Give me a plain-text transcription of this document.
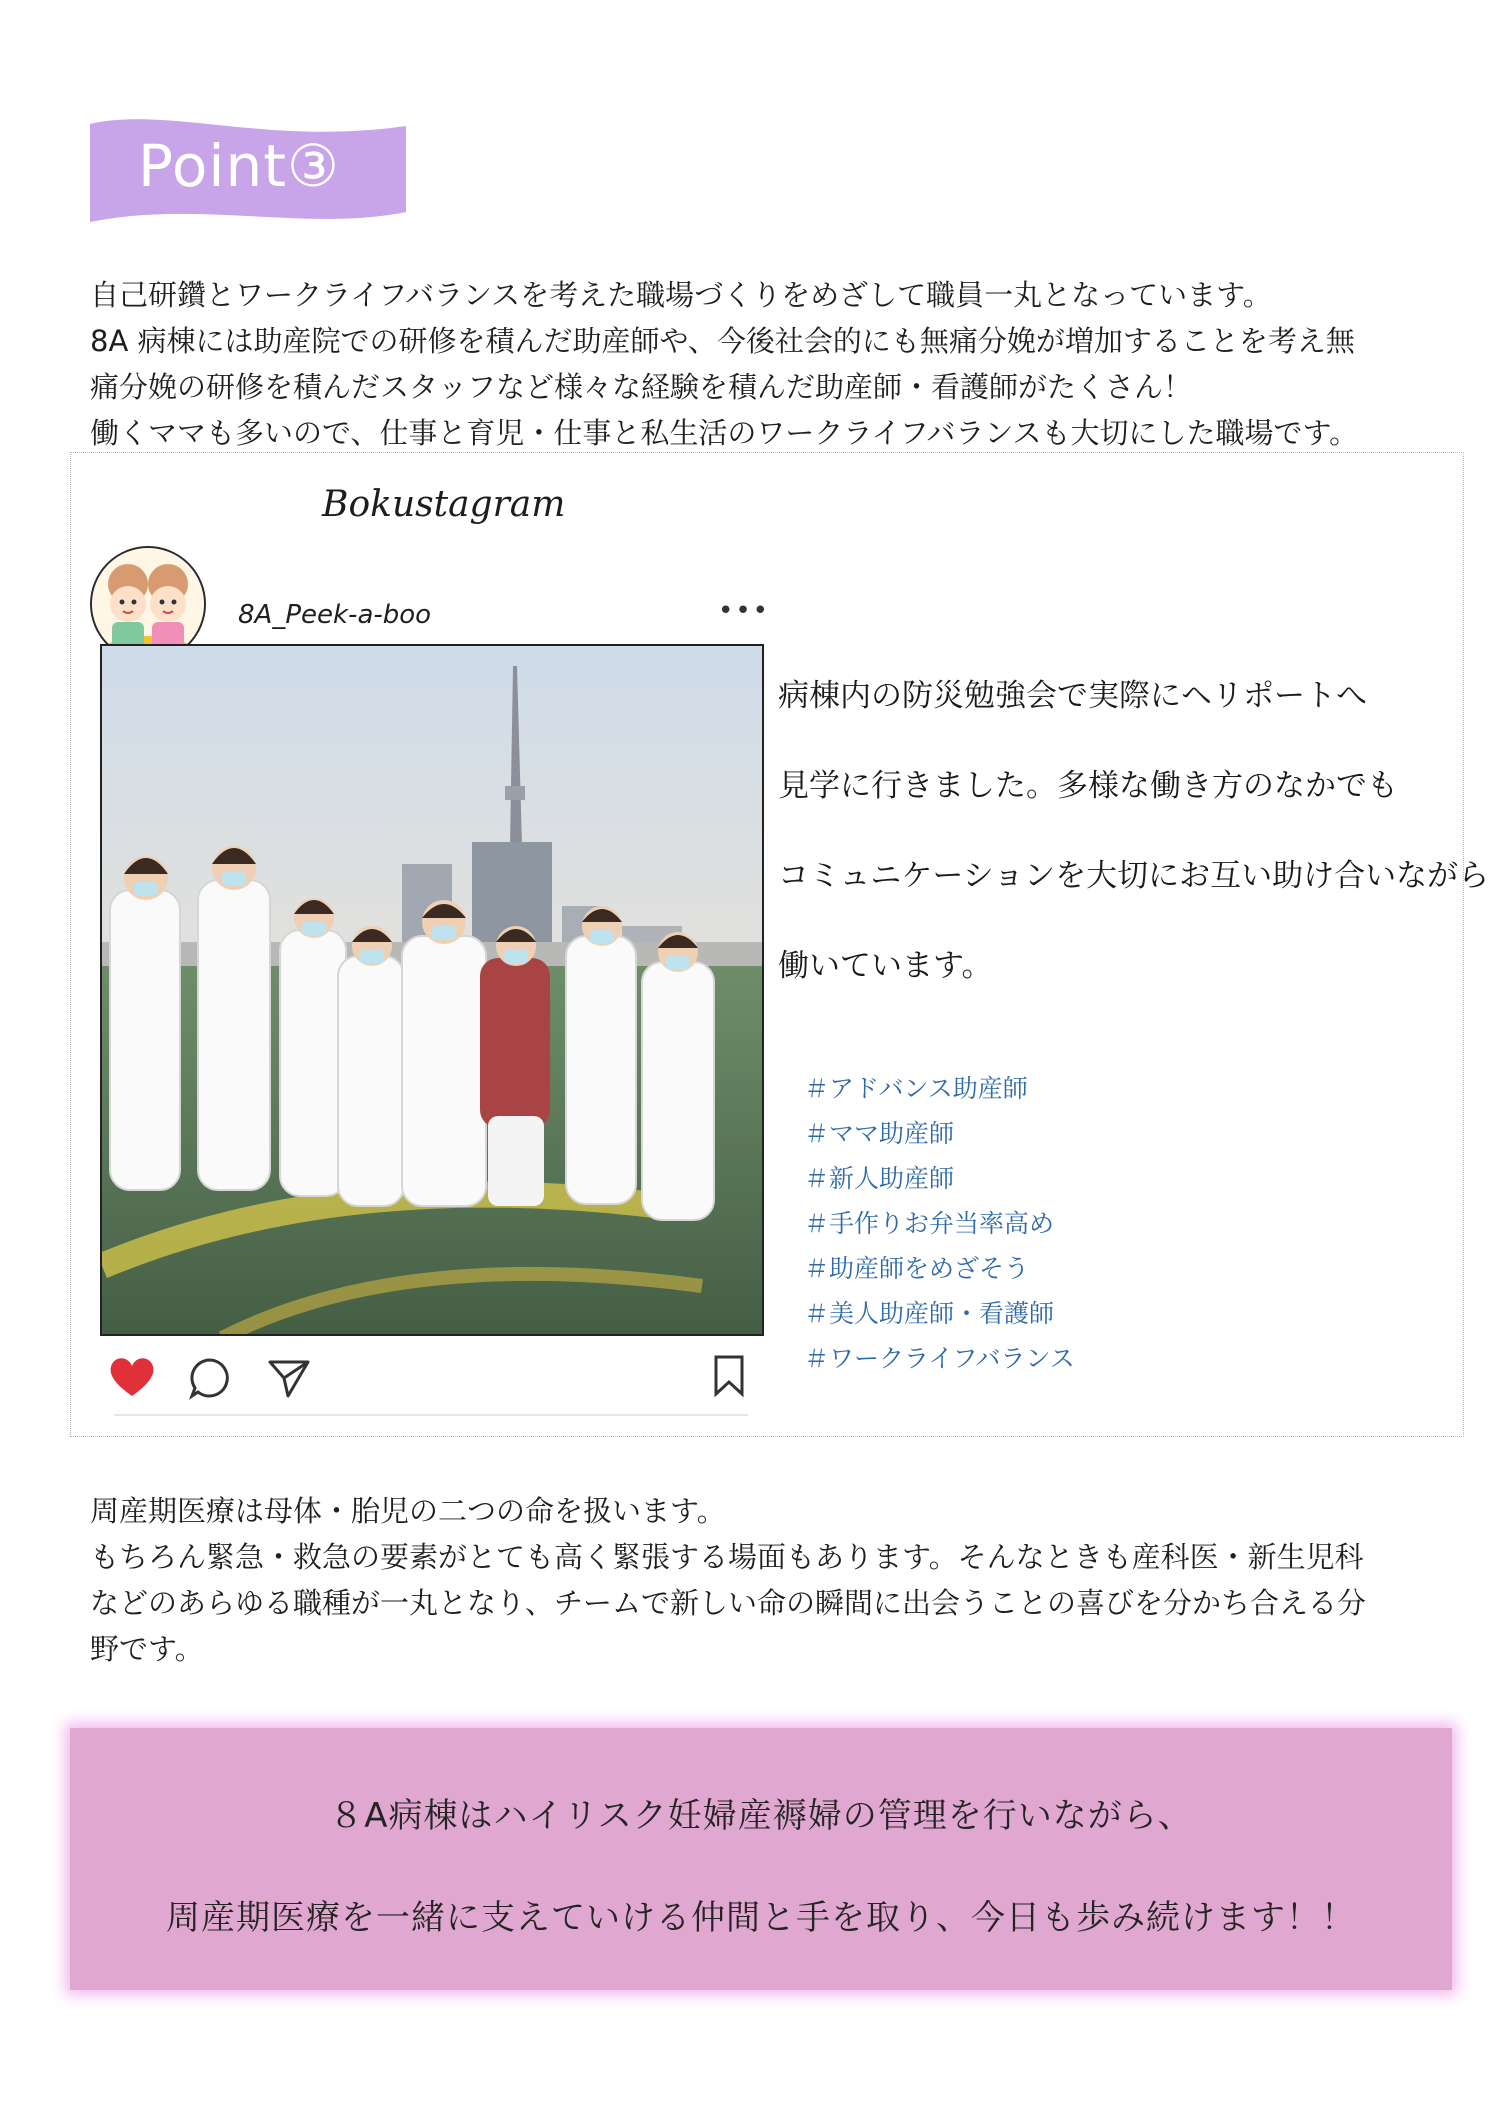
Point③

自己研鑽とワークライフバランスを考えた職場づくりをめざして職員一丸となっています。

8A 病棟には助産院での研修を積んだ助産師や、今後社会的にも無痛分娩が増加することを考え無

痛分娩の研修を積んだスタッフなど様々な経験を積んだ助産師・看護師がたくさん！

働くママも多いので、仕事と育児・仕事と私生活のワークライフバランスも大切にした職場です。

Bokustagram
8A_Peek-a-boo	•••

病棟内の防災勉強会で実際にヘリポートへ

見学に行きました。多様な働き方のなかでも

コミュニケーションを大切にお互い助け合いながら

働いています。

＃アドバンス助産師
＃ママ助産師
＃新人助産師
＃手作りお弁当率高め
＃助産師をめざそう
＃美人助産師・看護師
＃ワークライフバランス

周産期医療は母体・胎児の二つの命を扱います。

もちろん緊急・救急の要素がとても高く緊張する場面もあります。そんなときも産科医・新生児科

などのあらゆる職種が一丸となり、チームで新しい命の瞬間に出会うことの喜びを分かち合える分

野です。

８A病棟はハイリスク妊婦産褥婦の管理を行いながら、
周産期医療を一緒に支えていける仲間と手を取り、今日も歩み続けます！！
